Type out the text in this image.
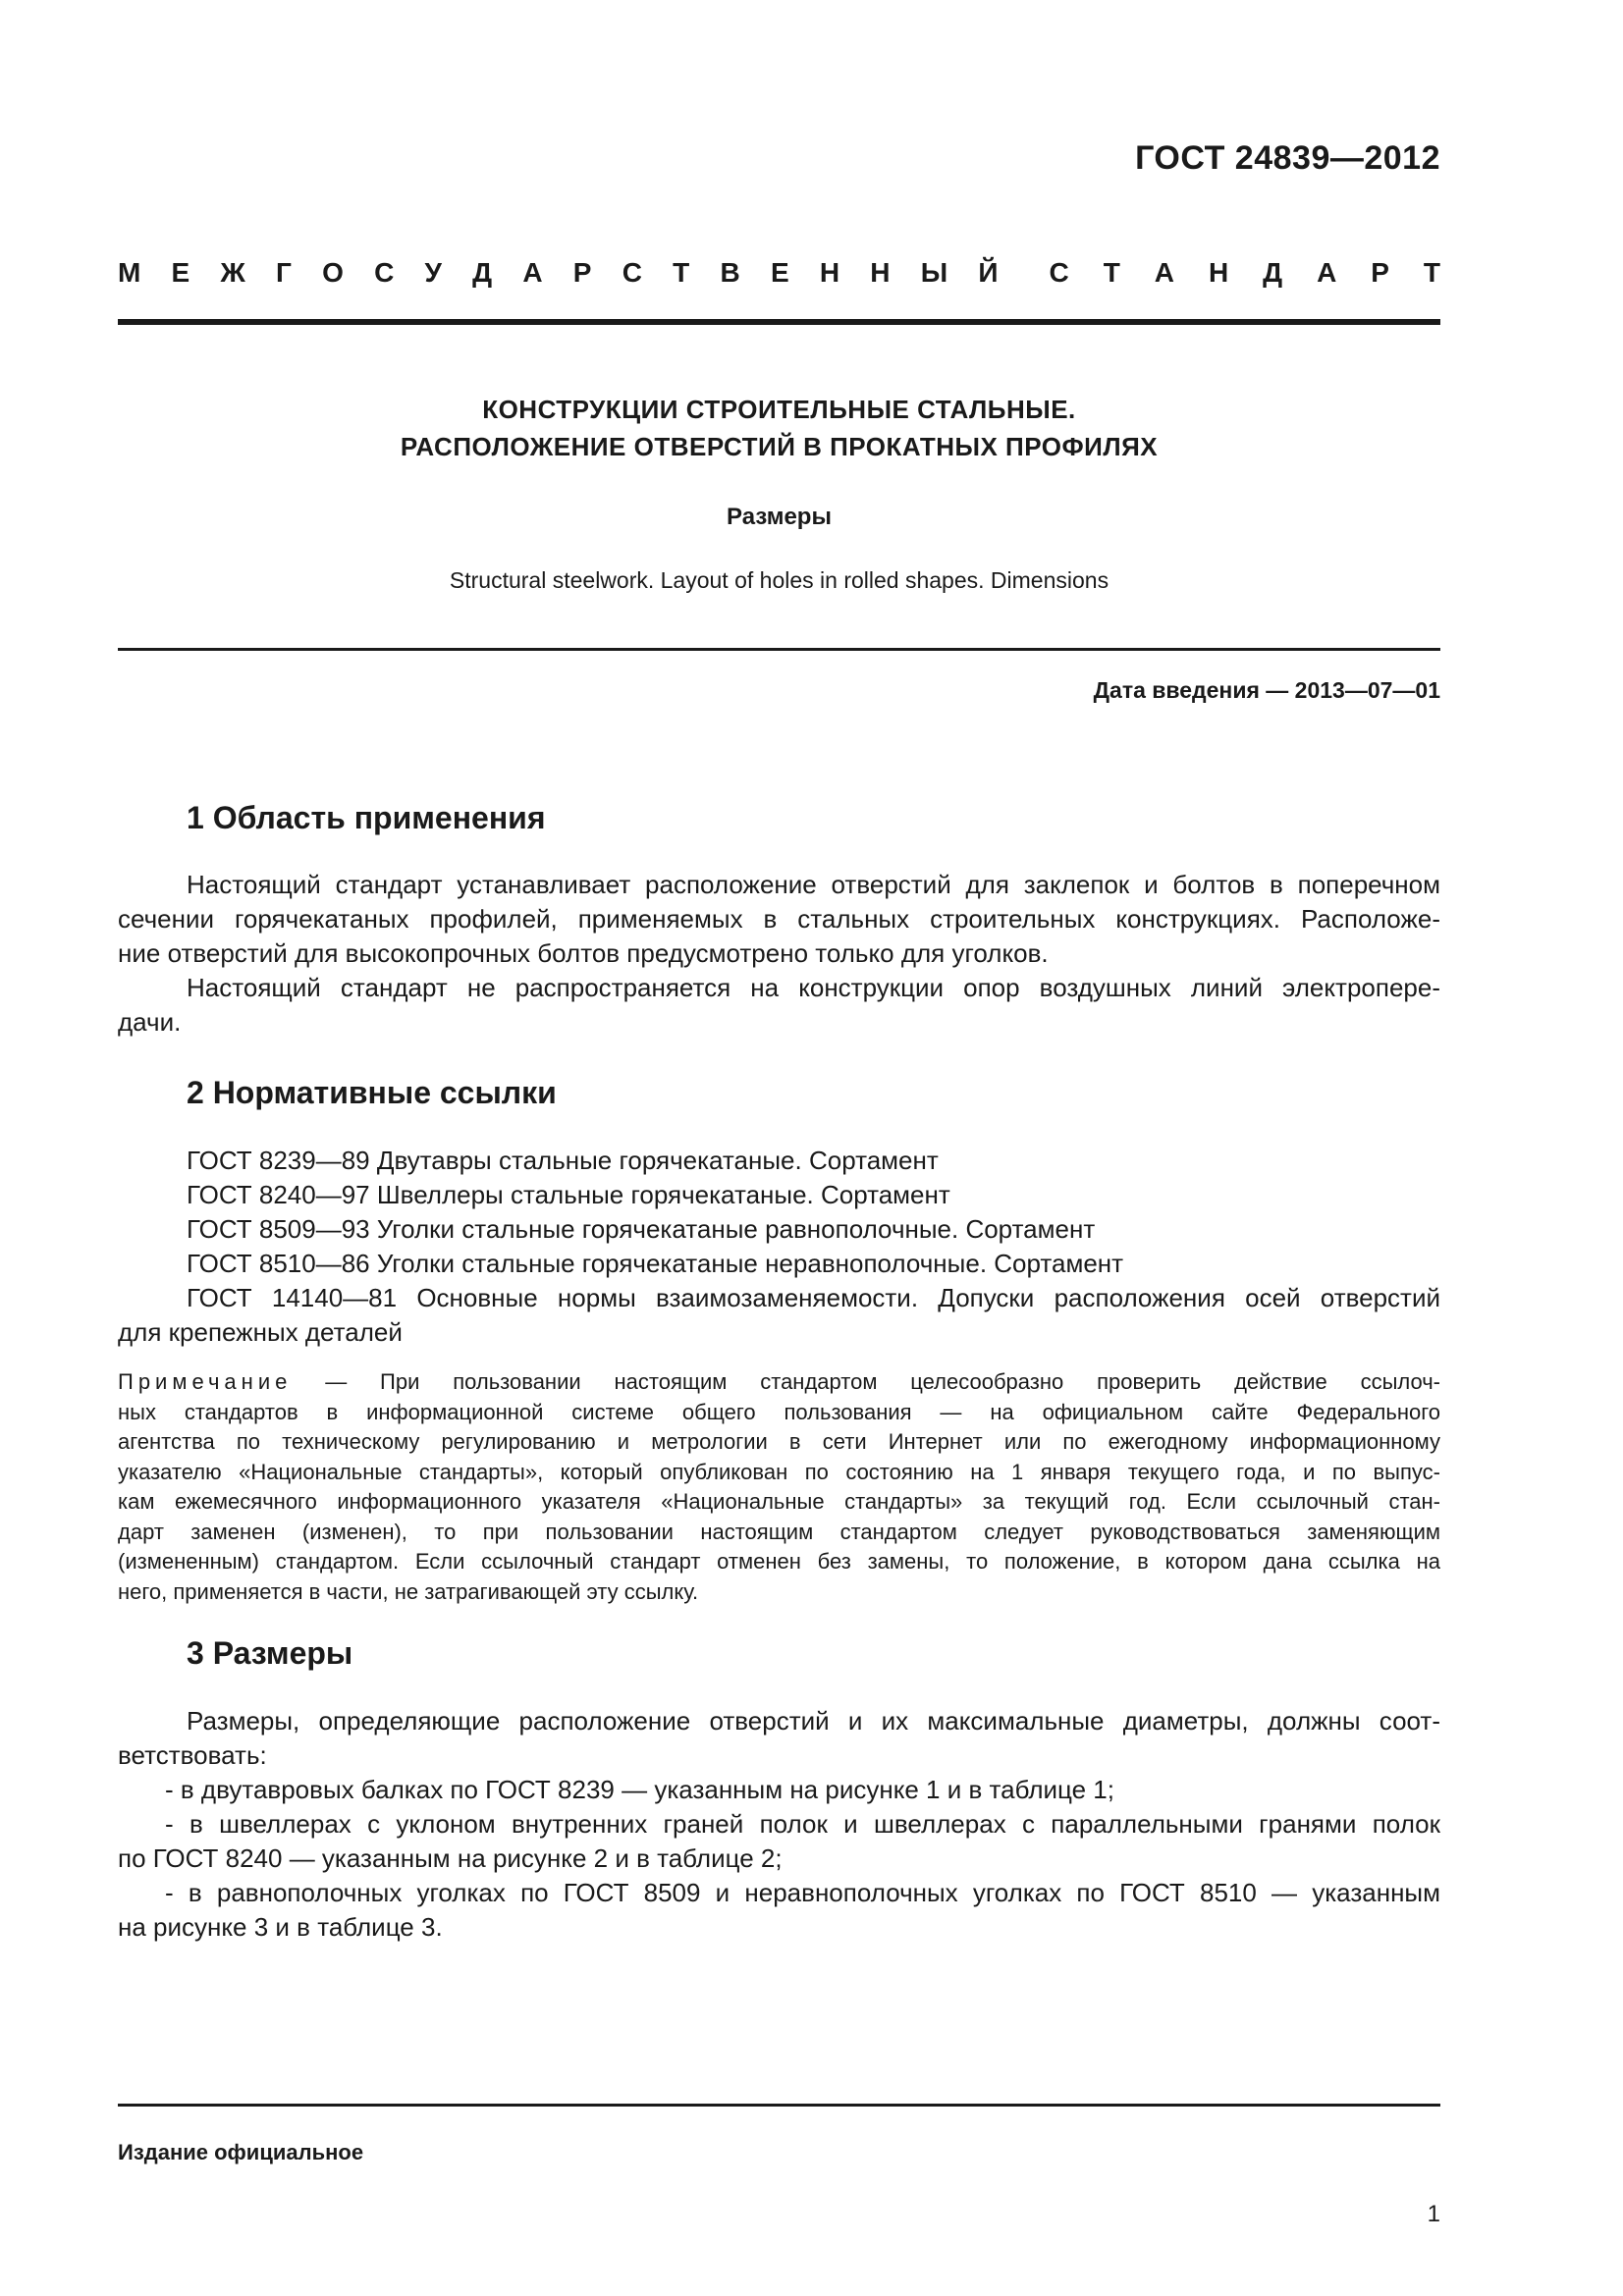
ГОСТ 24839—2012
М Е Ж Г О С У Д А Р С Т В Е Н Н Ы Й С Т А Н Д А Р Т
КОНСТРУКЦИИ СТРОИТЕЛЬНЫЕ СТАЛЬНЫЕ.
РАСПОЛОЖЕНИЕ ОТВЕРСТИЙ В ПРОКАТНЫХ ПРОФИЛЯХ
Размеры
Structural steelwork. Layout of holes in rolled shapes. Dimensions
Дата введения — 2013—07—01
1 Область применения
Настоящий стандарт устанавливает расположение отверстий для заклепок и болтов в поперечном
сечении горячекатаных профилей, применяемых в стальных строительных конструкциях. Расположе-
ние отверстий для высокопрочных болтов предусмотрено только для уголков.
Настоящий стандарт не распространяется на конструкции опор воздушных линий электропере-
дачи.
2 Нормативные ссылки
ГОСТ 8239—89 Двутавры стальные горячекатаные. Сортамент
ГОСТ 8240—97 Швеллеры стальные горячекатаные. Сортамент
ГОСТ 8509—93 Уголки стальные горячекатаные равнополочные. Сортамент
ГОСТ 8510—86 Уголки стальные горячекатаные неравнополочные. Сортамент
ГОСТ 14140—81 Основные нормы взаимозаменяемости. Допуски расположения осей отверстий
для крепежных деталей
Примечание — При пользовании настоящим стандартом целесообразно проверить действие ссылоч-
ных стандартов в информационной системе общего пользования — на официальном сайте Федерального
агентства по техническому регулированию и метрологии в сети Интернет или по ежегодному информационному
указателю «Национальные стандарты», который опубликован по состоянию на 1 января текущего года, и по выпус-
кам ежемесячного информационного указателя «Национальные стандарты» за текущий год. Если ссылочный стан-
дарт заменен (изменен), то при пользовании настоящим стандартом следует руководствоваться заменяющим
(измененным) стандартом. Если ссылочный стандарт отменен без замены, то положение, в котором дана ссылка на
него, применяется в части, не затрагивающей эту ссылку.
3 Размеры
Размеры, определяющие расположение отверстий и их максимальные диаметры, должны соот-
ветствовать:
- в двутавровых балках по ГОСТ 8239 — указанным на рисунке 1 и в таблице 1;
- в швеллерах с уклоном внутренних граней полок и швеллерах с параллельными гранями полок
по ГОСТ 8240 — указанным на рисунке 2 и в таблице 2;
- в равнополочных уголках по ГОСТ 8509 и неравнополочных уголках по ГОСТ 8510 — указанным
на рисунке 3 и в таблице 3.
Издание официальное
1
